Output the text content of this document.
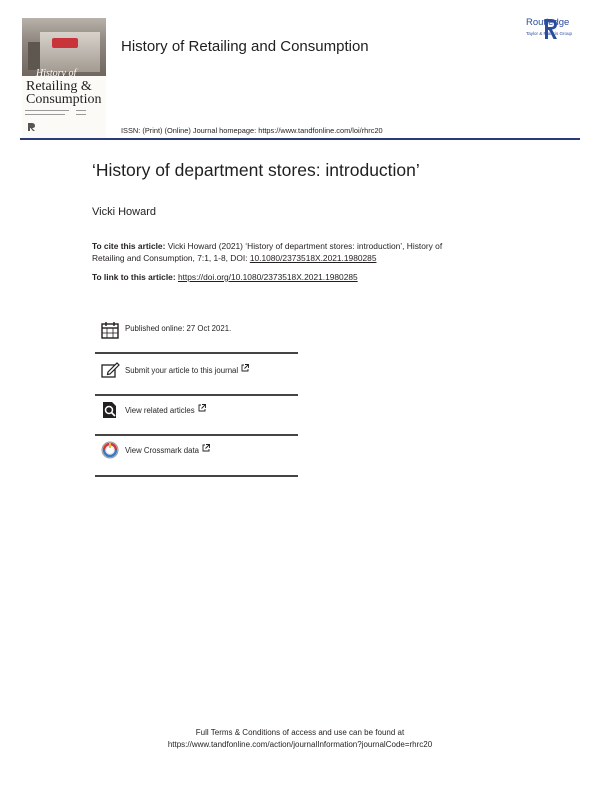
History of
Retailing &
Consumption
History of Retailing and Consumption
ISSN: (Print) (Online) Journal homepage: https://www.tandfonline.com/loi/rhrc20
Routledge
Taylor & Francis Group
‘History of department stores: introduction’
Vicki Howard
To cite this article: Vicki Howard (2021) ‘History of department stores: introduction’, History of
Retailing and Consumption, 7:1, 1-8, DOI: 10.1080/2373518X.2021.1980285
To link to this article: https://doi.org/10.1080/2373518X.2021.1980285
Published online: 27 Oct 2021.
Submit your article to this journal
View related articles
View Crossmark data
Full Terms & Conditions of access and use can be found at
https://www.tandfonline.com/action/journalInformation?journalCode=rhrc20
